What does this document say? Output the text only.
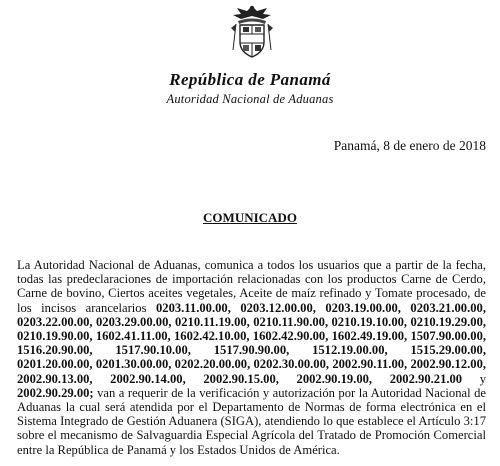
República de Panamá
Autoridad Nacional de Aduanas
Panamá, 8 de enero de 2018
COMUNICADO
La Autoridad Nacional de Aduanas, comunica a todos los usuarios que a partir de la fecha, todas las predeclaraciones de importación relacionadas con los productos Carne de Cerdo, Carne de bovino, Ciertos aceites vegetales, Aceite de maíz refinado y Tomate procesado, de los incisos arancelarios 0203.11.00.00, 0203.12.00.00, 0203.19.00.00, 0203.21.00.00, 0203.22.00.00, 0203.29.00.00, 0210.11.19.00, 0210.11.90.00, 0210.19.10.00, 0210.19.29.00, 0210.19.90.00, 1602.41.11.00, 1602.42.10.00, 1602.42.90.00, 1602.49.19.00, 1507.90.00.00, 1516.20.90.00, 1517.90.10.00, 1517.90.90.00, 1512.19.00.00, 1515.29.00.00, 0201.20.00.00, 0201.30.00.00, 0202.20.00.00, 0202.30.00.00, 2002.90.11.00, 2002.90.12.00, 2002.90.13.00, 2002.90.14.00, 2002.90.15.00, 2002.90.19.00, 2002.90.21.00 y 2002.90.29.00; van a requerir de la verificación y autorización por la Autoridad Nacional de Aduanas la cual será atendida por el Departamento de Normas de forma electrónica en el Sistema Integrado de Gestión Aduanera (SIGA), atendiendo lo que establece el Artículo 3:17 sobre el mecanismo de Salvaguardia Especial Agrícola del Tratado de Promoción Comercial entre la República de Panamá y los Estados Unidos de América.
